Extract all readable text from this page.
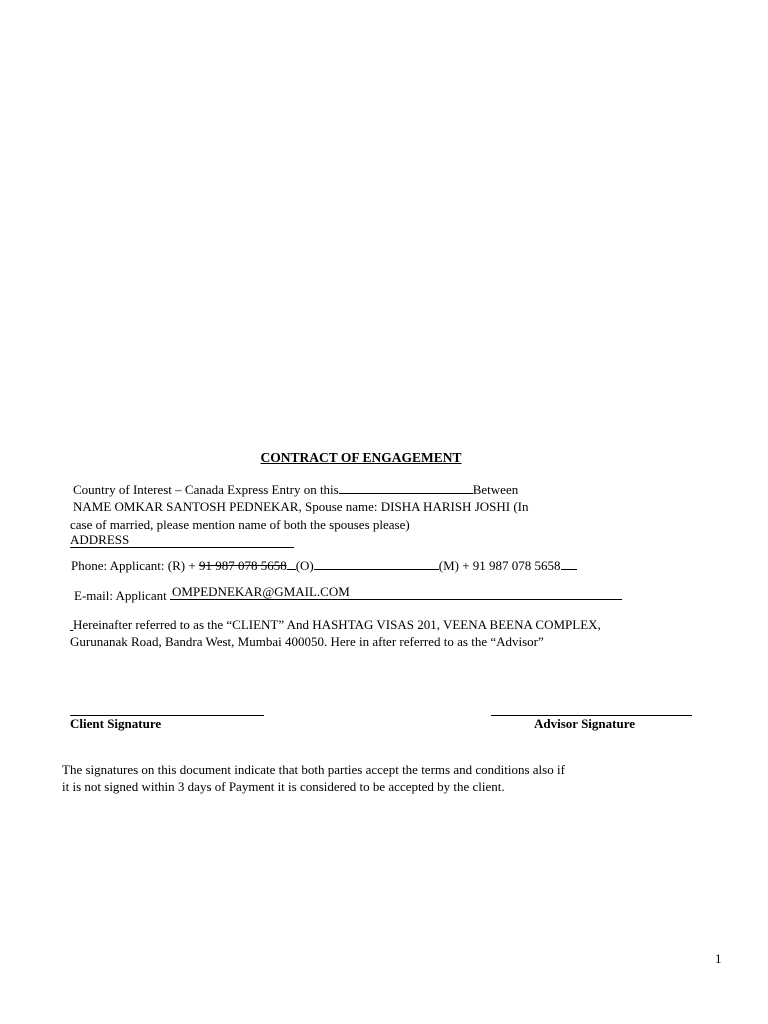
CONTRACT OF ENGAGEMENT
Country of Interest – Canada Express Entry on this	Between
NAME OMKAR SANTOSH PEDNEKAR, Spouse name: DISHA HARISH JOSHI (In
case of married, please mention name of both the spouses please)
ADDRESS
Phone: Applicant: (R) + 91 987 078 5658 (O)	(M) + 91 987 078 5658
E-mail: Applicant OMPEDNEKAR@GMAIL.COM
Hereinafter referred to as the “CLIENT” And HASHTAG VISAS 201, VEENA BEENA COMPLEX,
Gurunanak Road, Bandra West, Mumbai 400050. Here in after referred to as the “Advisor”
Client Signature	Advisor Signature
The signatures on this document indicate that both parties accept the terms and conditions also if
it is not signed within 3 days of Payment it is considered to be accepted by the client.
1
